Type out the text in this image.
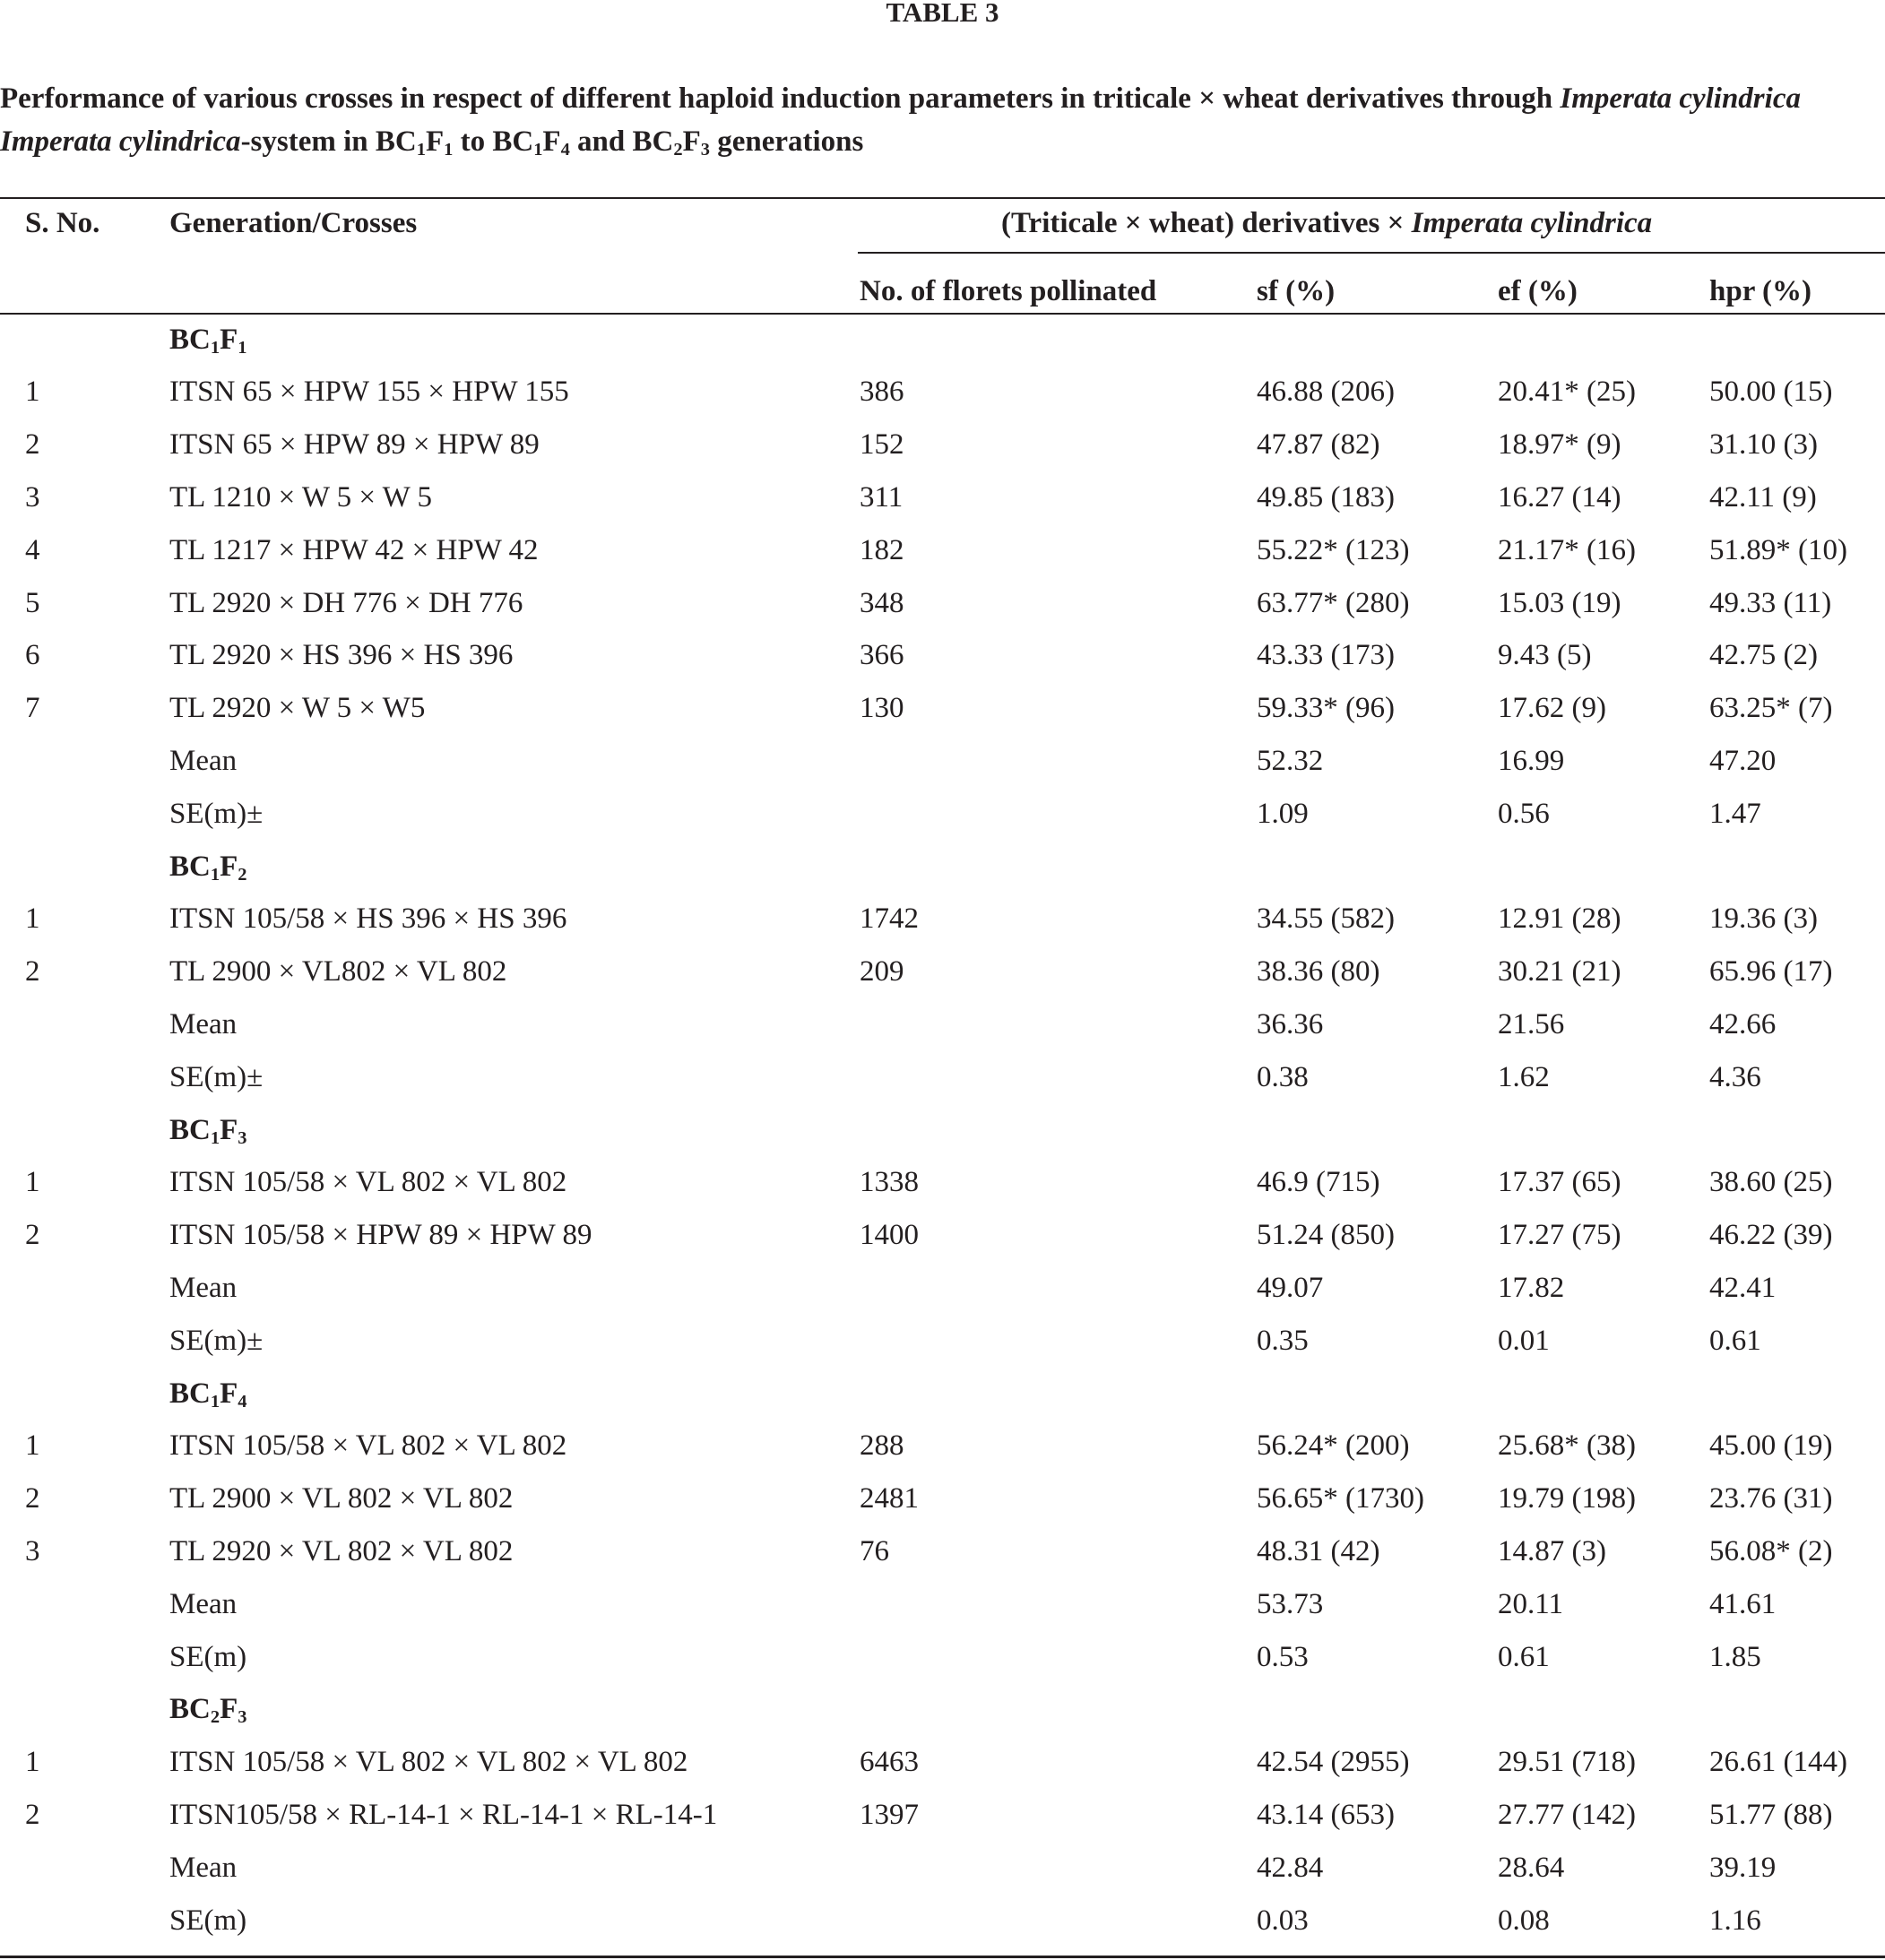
TABLE 3
Performance of various crosses in respect of different haploid induction parameters in triticale × wheat derivatives through Imperata cylindrica
Imperata cylindrica-system in $BC_1F_1$ to $BC_1F_4$ and $BC_2F_3$ generations
S. No. Generation/Crosses	(Triticale × wheat) derivatives × Imperata cylindrica
No. of florets pollinated	sf (%)	ef (%)	hpr (%)
$BC_1F_1$
1	ITSN 65 × HPW 155 × HPW 155	386	46.88 (206)	20.41* (25) 50.00 (15)
2	ITSN 65 × HPW 89 × HPW 89	152	47.87 (82)	18.97* (9)	31.10 (3)
3	TL 1210 × W 5 × W 5	311	49.85 (183)	16.27 (14)	42.11 (9)
4	TL 1217 × HPW 42 × HPW 42	182	55.22* (123)	21.17* (16) 51.89* (10)
5	TL 2920 × DH 776 × DH 776	348	63.77* (280)	15.03 (19)	49.33 (11)
6	TL 2920 × HS 396 × HS 396	366	43.33 (173)	9.43 (5)	42.75 (2)
7	TL 2920 × W 5 × W5	130	59.33* (96)	17.62 (9)	63.25* (7)
Mean	52.32	16.99	47.20
SE(m)±	1.09	0.56	1.47
$BC_1F_2$
1	ITSN 105/58 × HS 396 × HS 396	1742	34.55 (582)	12.91 (28)	19.36 (3)
2	TL 2900 × VL802 × VL 802	209	38.36 (80)	30.21 (21)	65.96 (17)
Mean	36.36	21.56	42.66
SE(m)±	0.38	1.62	4.36
$BC_1F_3$
1	ITSN 105/58 × VL 802 × VL 802	1338	46.9 (715)	17.37 (65)	38.60 (25)
2	ITSN 105/58 × HPW 89 × HPW 89	1400	51.24 (850)	17.27 (75)	46.22 (39)
Mean	49.07	17.82	42.41
SE(m)±	0.35	0.01	0.61
$BC_1F_4$
1	ITSN 105/58 × VL 802 × VL 802	288	56.24* (200)	25.68* (38) 45.00 (19)
2	TL 2900 × VL 802 × VL 802	2481	56.65* (1730) 19.79 (198) 23.76 (31)
3	TL 2920 × VL 802 × VL 802	76	48.31 (42)	14.87 (3)	56.08* (2)
Mean	53.73	20.11	41.61
SE(m)	0.53	0.61	1.85
$BC_2F_3$
1	ITSN 105/58 × VL 802 × VL 802 × VL 802	6463	42.54 (2955)	29.51 (718) 26.61 (144)
2	ITSN105/58 × RL-14-1 × RL-14-1 × RL-14-1	1397	43.14 (653)	27.77 (142) 51.77 (88)
Mean	42.84	28.64	39.19
SE(m)	0.03	0.08	1.16
